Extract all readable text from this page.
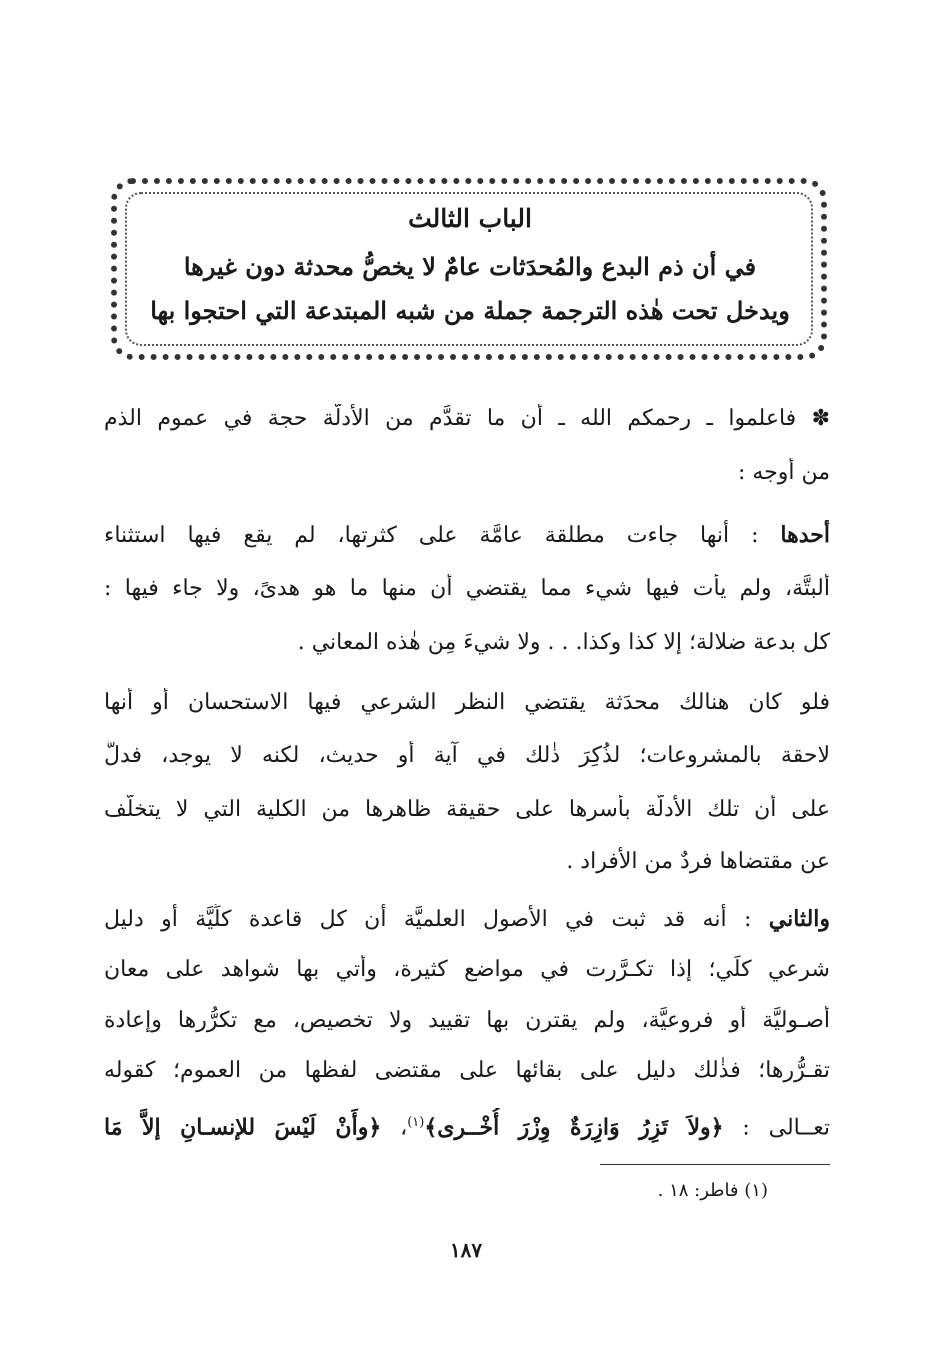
الباب الثالث
في أن ذم البدع والمُحدَثات عامٌ لا يخصُّ محدثة دون غيرها
ويدخل تحت هٰذه الترجمة جملة من شبه المبتدعة التي احتجوا بها
✽ فاعلموا ـ رحمكم الله ـ أن ما تقدَّم من الأدلَّة حجة في عموم الذم
من أوجه :
أحدها : أنها جاءت مطلقة عامَّة على كثرتها، لم يقع فيها استثناء
ألبتَّة، ولم يأت فيها شيء مما يقتضي أن منها ما هو هدىً، ولا جاء فيها :
كل بدعة ضلالة؛ إلا كذا وكذا. . . ولا شيءَ مِن هٰذه المعاني .
فلو كان هنالك محدَثة يقتضي النظر الشرعي فيها الاستحسان أو أنها
لاحقة بالمشروعات؛ لذُكِرَ ذٰلك في آية أو حديث، لكنه لا يوجد، فدلَّ
على أن تلك الأدلَّة بأسرها على حقيقة ظاهرها من الكلية التي لا يتخلَّف
عن مقتضاها فردٌ من الأفراد .
والثاني : أنه قد ثبت في الأصول العلميَّة أن كل قاعدة كلِّيَّة أو دليل
شرعي كلِّي؛ إذا تكـرَّرت في مواضع كثيرة، وأتي بها شواهد على معان
أصـوليَّة أو فروعيَّة، ولم يقترن بها تقييد ولا تخصيص، مع تكرُّرها وإعادة
تقـرُّرها؛ فذٰلك دليل على بقائها على مقتضى لفظها من العموم؛ كقوله
تعــالى : ﴿ولاَ تَزِرُ وَازِرَةٌ وِزْرَ أُخْــرى﴾$^{(١)}$، ﴿وأَنْ لَيْسَ للإنسـانِ إلاَّ مَا
(١) فاطر: ١٨ .
١٨٧
